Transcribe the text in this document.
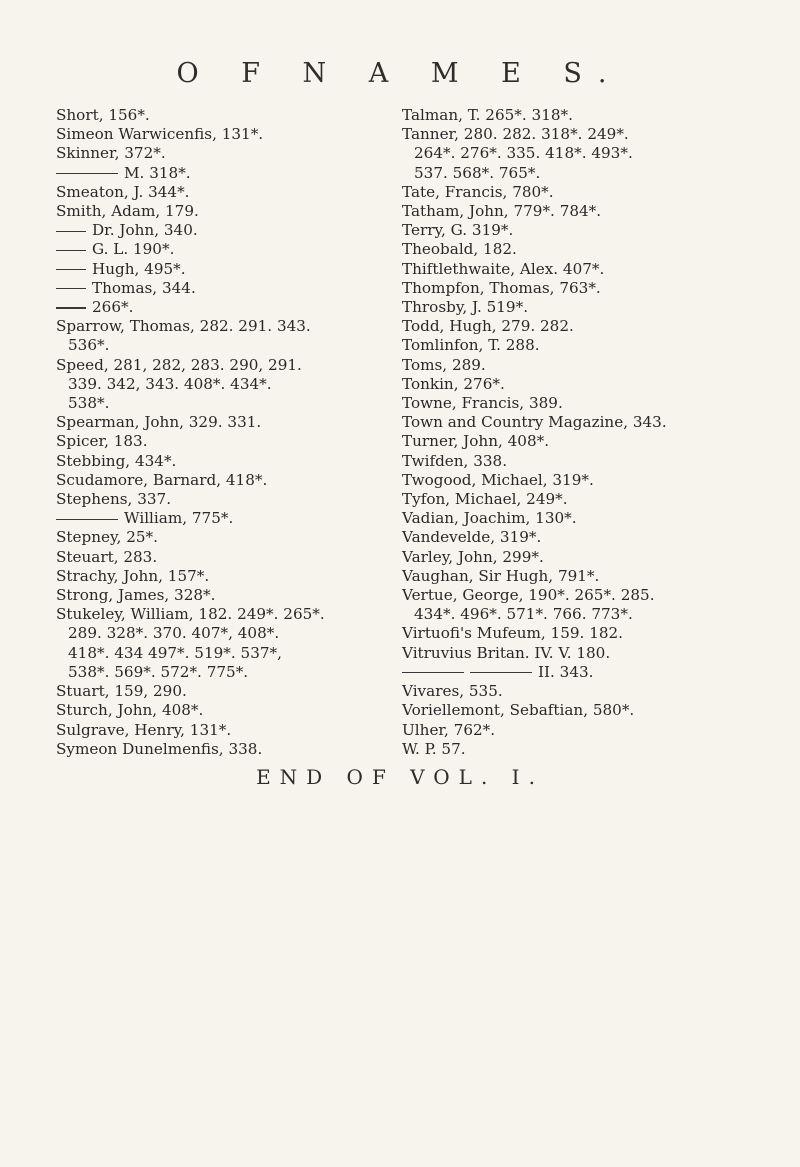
O F N A M E S.
Short, 156*.
Simeon Warwicenfis, 131*.
Skinner, 372*.
M. 318*.
Smeaton, J. 344*.
Smith, Adam, 179.
Dr. John, 340.
G. L. 190*.
Hugh, 495*.
Thomas, 344.
266*.
Sparrow, Thomas, 282. 291. 343.
536*.
Speed, 281, 282, 283. 290, 291.
339. 342, 343. 408*. 434*.
538*.
Spearman, John, 329. 331.
Spicer, 183.
Stebbing, 434*.
Scudamore, Barnard, 418*.
Stephens, 337.
William, 775*.
Stepney, 25*.
Steuart, 283.
Strachy, John, 157*.
Strong, James, 328*.
Stukeley, William, 182. 249*. 265*.
289. 328*. 370. 407*, 408*.
418*. 434 497*. 519*. 537*,
538*. 569*. 572*. 775*.
Stuart, 159, 290.
Sturch, John, 408*.
Sulgrave, Henry, 131*.
Symeon Dunelmenfis, 338.
Talman, T. 265*. 318*.
Tanner, 280. 282. 318*. 249*.
264*. 276*. 335. 418*. 493*.
537. 568*. 765*.
Tate, Francis, 780*.
Tatham, John, 779*. 784*.
Terry, G. 319*.
Theobald, 182.
Thiftlethwaite, Alex. 407*.
Thompfon, Thomas, 763*.
Throsby, J. 519*.
Todd, Hugh, 279. 282.
Tomlinfon, T. 288.
Toms, 289.
Tonkin, 276*.
Towne, Francis, 389.
Town and Country Magazine, 343.
Turner, John, 408*.
Twifden, 338.
Twogood, Michael, 319*.
Tyfon, Michael, 249*.
Vadian, Joachim, 130*.
Vandevelde, 319*.
Varley, John, 299*.
Vaughan, Sir Hugh, 791*.
Vertue, George, 190*. 265*. 285.
434*. 496*. 571*. 766. 773*.
Virtuofi's Mufeum, 159. 182.
Vitruvius Britan. IV. V. 180.
II. 343.
Vivares, 535.
Voriellemont, Sebaftian, 580*.
Ulher, 762*.
W. P. 57.
END OF VOL. I.
